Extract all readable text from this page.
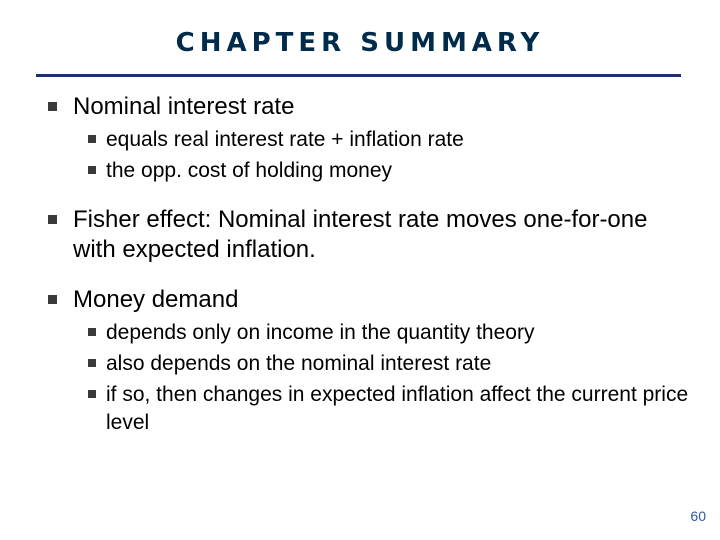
CHAPTER SUMMARY
Nominal interest rate
equals real interest rate + inflation rate
the opp. cost of holding money
Fisher effect: Nominal interest rate moves one-for-one with expected inflation.
Money demand
depends only on income in the quantity theory
also depends on the nominal interest rate
if so, then changes in expected inflation affect the current price level
60
